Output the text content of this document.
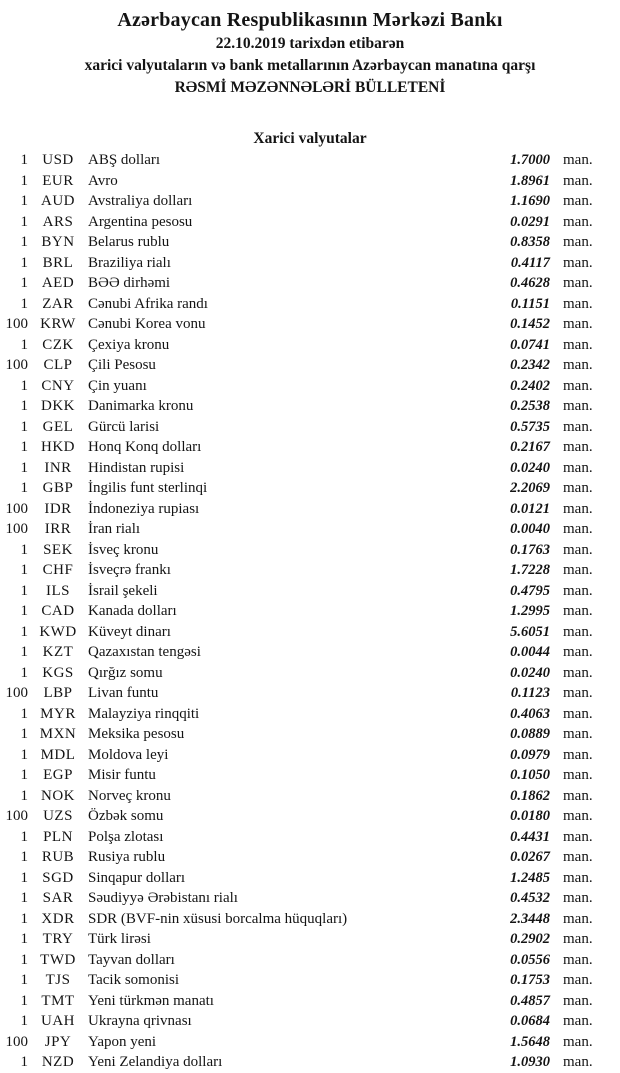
Azərbaycan Respublikasının Mərkəzi Bankı

22.10.2019 tarixdən etibarən

xarici valyutaların və bank metallarının Azərbaycan manatına qarşı

RƏSMİ MƏZƏNNƏLƏRİ BÜLLETENİ

Xarici valyutalar
1 USD ABŞ dolları	1.7000 man.
1 EUR Avro	1.8961 man.
1 AUD Avstraliya dolları	1.1690 man.
1 ARS Argentina pesosu	0.0291 man.
1 BYN Belarus rublu	0.8358 man.
1 BRL Braziliya rialı	0.4117 man.
1 AED BƏƏ dirhəmi	0.4628 man.
1 ZAR Cənubi Afrika randı	0.1151 man.
100 KRW Cənubi Korea vonu	0.1452 man.
1 CZK Çexiya kronu	0.0741 man.
100	CLP	Çili Pesosu	0.2342 man.
1 CNY Çin yuanı	0.2402 man.
1 DKK Danimarka kronu	0.2538 man.
1 GEL Gürcü larisi	0.5735 man.
1 HKD Honq Konq dolları	0.2167 man.
1	INR	Hindistan rupisi	0.0240 man.
1 GBP İngilis funt sterlinqi	2.2069 man.
100	IDR	İndoneziya rupiası	0.0121 man.
100	IRR	İran rialı	0.0040 man.
1	SEK	İsveç kronu	0.1763 man.
1 CHF İsveçrə frankı	1.7228 man.
1	ILS	İsrail şekeli	0.4795 man.
1 CAD Kanada dolları	1.2995 man.
1 KWD Küveyt dinarı	5.6051 man.
1 KZT Qazaxıstan tengəsi	0.0044 man.
1 KGS Qırğız somu	0.0240 man.
100	LBP	Livan funtu	0.1123 man.
1 MYR Malayziya rinqqiti	0.4063 man.
1 MXN Meksika pesosu	0.0889 man.
1 MDL Moldova leyi	0.0979 man.
1	EGP	Misir funtu	0.1050 man.
1 NOK Norveç kronu	0.1862 man.
100	UZS	Özbək somu	0.0180 man.
1	PLN	Polşa zlotası	0.4431 man.
1 RUB Rusiya rublu	0.0267 man.
1 SGD Sinqapur dolları	1.2485 man.
1 SAR Səudiyyə Ərəbistanı rialı	0.4532 man.
1 XDR SDR (BVF-nin xüsusi borcalma hüquqları)	2.3448 man.
1 TRY Türk lirəsi	0.2902 man.
1 TWD Tayvan dolları	0.0556 man.
1	TJS	Tacik somonisi	0.1753 man.
1 TMT Yeni türkmən manatı	0.4857 man.
1 UAH Ukrayna qrivnası	0.0684 man.
100	JPY	Yapon yeni	1.5648 man.
1 NZD Yeni Zelandiya dolları	1.0930 man.
